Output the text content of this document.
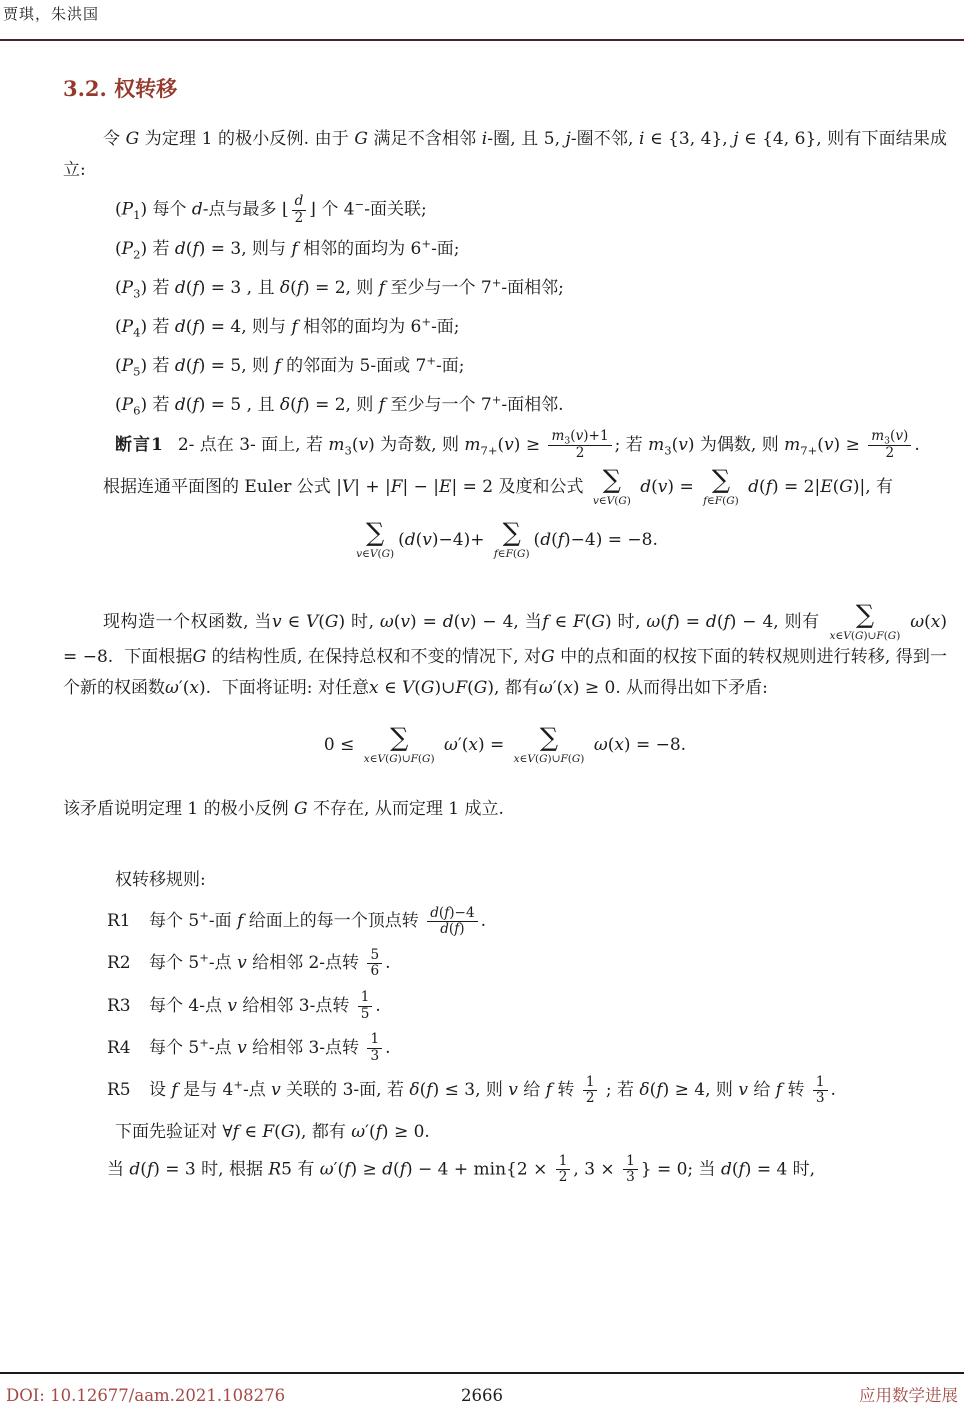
贾琪，朱洪国
3.2. 权转移
令 G 为定理 1 的极小反例. 由于 G 满足不含相邻 i-圈, 且 5, j-圈不邻, i ∈ {3, 4}, j ∈ {4, 6}, 则有下面结果成立:
$(P_1)$ 每个 d-点与最多 ⌊ $\frac{d}{2}$ ⌋ 个 4−-面关联;
$(P_2)$ 若 d(f) = 3, 则与 f 相邻的面均为 6+-面;
$(P_3)$ 若 d(f) = 3 , 且 δ(f) = 2, 则 f 至少与一个 7+-面相邻;
$(P_4)$ 若 d(f) = 4, 则与 f 相邻的面均为 6+-面;
$(P_5)$ 若 d(f) = 5, 则 f 的邻面为 5-面或 7+-面;
$(P_6)$ 若 d(f) = 5 , 且 δ(f) = 2, 则 f 至少与一个 7+-面相邻.
断言1 2- 点在 3- 面上, 若 $m_3(v)$ 为奇数, 则 $m_{7+}(v) \ge \frac{m_3(v)+1}{2}$ ; 若 $m_3(v)$ 为偶数, 则 $m_{7+}(v) \ge \frac{m_3(v)}{2}$ .
根据连通平面图的 Euler 公式 |V| + |F| − |E| = 2 及度和公式 ∑
v∈V(G)
d(v) = ∑
f∈F(G)
d(f) = 2|E(G)|, 有
∑
v∈V(G)
(d(v)−4)+ ∑
f∈F(G)
(d(f)−4) = −8.
现构造一个权函数, 当v ∈ V(G) 时, ω(v) = d(v) − 4, 当f ∈ F(G) 时, ω(f) = d(f) − 4, 则有 ∑
x∈V(G)∪F(G)
ω(x) = −8.  下面根据G 的结构性质, 在保持总权和不变的情况下, 对G 中的点和面的权按下面的转权规则进行转移, 得到一个新的权函数ω′(x).  下面将证明: 对任意x ∈ V(G)∪F(G), 都有ω′(x) ≥ 0. 从而得出如下矛盾:
0 ≤ ∑
x∈V(G)∪F(G)
ω′(x) = ∑
x∈V(G)∪F(G)
ω(x) = −8.
该矛盾说明定理 1 的极小反例 G 不存在, 从而定理 1 成立.
权转移规则:
R1 每个 5+-面 f 给面上的每一个顶点转 $\frac{d(f)-4}{d(f)}$ .
R2 每个 5+-点 v 给相邻 2-点转 $\frac{5}{6}$ .
R3 每个 4-点 v 给相邻 3-点转 $\frac{1}{5}$ .
R4 每个 5+-点 v 给相邻 3-点转 $\frac{1}{3}$ .
R5 设 f 是与 4+-点 v 关联的 3-面, 若 δ(f) ≤ 3, 则 v 给 f 转 $\frac{1}{2}$ ; 若 δ(f) ≥ 4, 则 v 给 f 转 $\frac{1}{3}$ .
下面先验证对 ∀f ∈ F(G), 都有 ω′(f) ≥ 0.
当 d(f) = 3 时, 根据 R5 有 $\omega'(f) \ge d(f) - 4 + \min\{2 \times \frac{1}{2}$ , $3 \times \frac{1}{3}$ } = 0; 当 d(f) = 4 时,
2666
DOI: 10.12677/aam.2021.108276	应用数学进展
